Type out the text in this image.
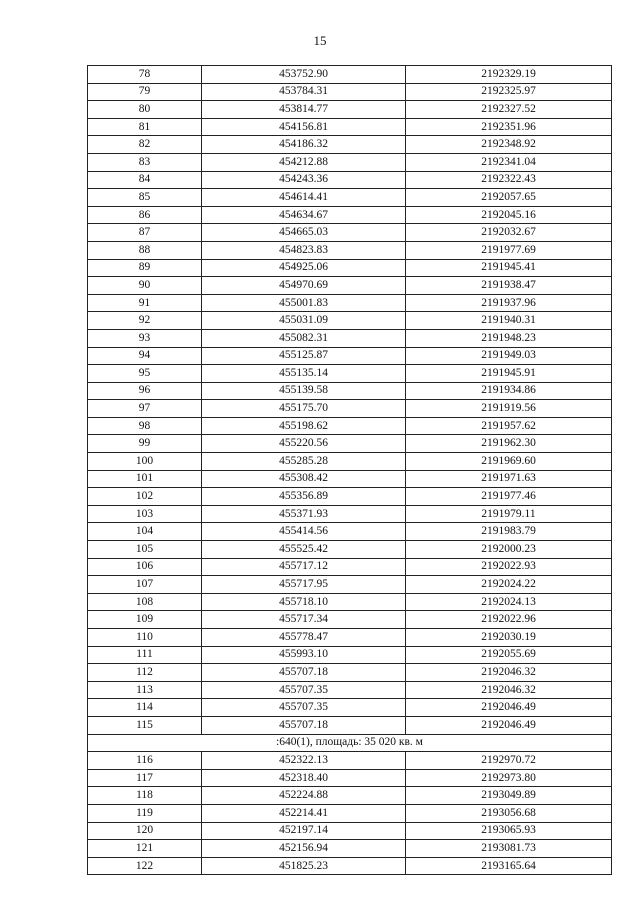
15
78	453752.90	2192329.19
79	453784.31	2192325.97
80	453814.77	2192327.52
81	454156.81	2192351.96
82	454186.32	2192348.92
83	454212.88	2192341.04
84	454243.36	2192322.43
85	454614.41	2192057.65
86	454634.67	2192045.16
87	454665.03	2192032.67
88	454823.83	2191977.69
89	454925.06	2191945.41
90	454970.69	2191938.47
91	455001.83	2191937.96
92	455031.09	2191940.31
93	455082.31	2191948.23
94	455125.87	2191949.03
95	455135.14	2191945.91
96	455139.58	2191934.86
97	455175.70	2191919.56
98	455198.62	2191957.62
99	455220.56	2191962.30
100	455285.28	2191969.60
101	455308.42	2191971.63
102	455356.89	2191977.46
103	455371.93	2191979.11
104	455414.56	2191983.79
105	455525.42	2192000.23
106	455717.12	2192022.93
107	455717.95	2192024.22
108	455718.10	2192024.13
109	455717.34	2192022.96
110	455778.47	2192030.19
111	455993.10	2192055.69
112	455707.18	2192046.32
113	455707.35	2192046.32
114	455707.35	2192046.49
115	455707.18	2192046.49
:640(1), площадь: 35 020 кв. м		
116	452322.13	2192970.72
117	452318.40	2192973.80
118	452224.88	2193049.89
119	452214.41	2193056.68
120	452197.14	2193065.93
121	452156.94	2193081.73
122	451825.23	2193165.64
